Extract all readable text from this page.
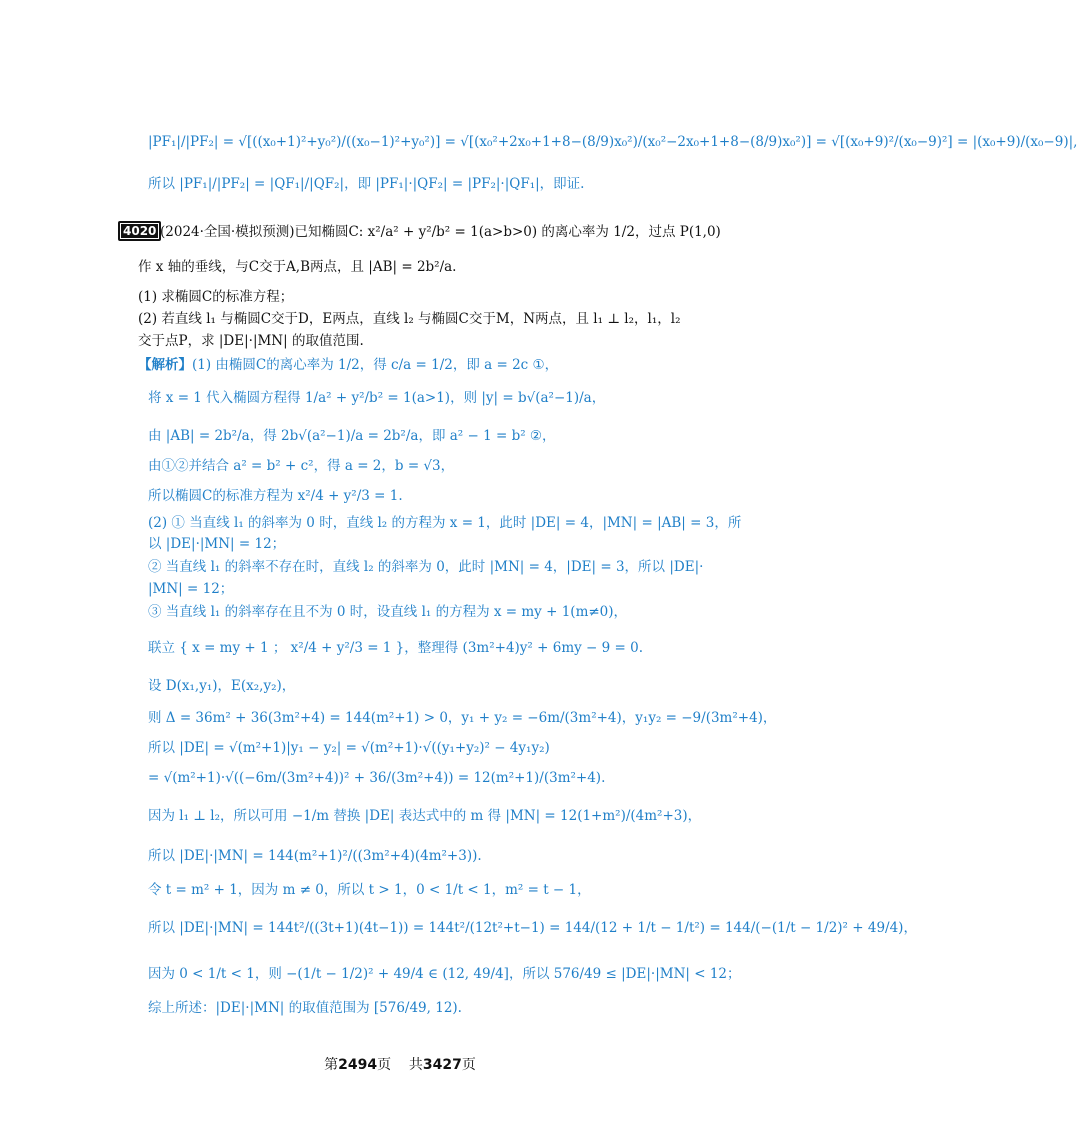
|PF₁|/|PF₂| = √[((x₀+1)²+y₀²)/((x₀−1)²+y₀²)] = √[(x₀²+2x₀+1+8−(8/9)x₀²)/(x₀²−2x₀+1+8−(8/9)x₀²)] = √[(x₀+9)²/(x₀−9)²] = |(x₀+9)/(x₀−9)|,
所以 |PF₁|/|PF₂| = |QF₁|/|QF₂|，即 |PF₁|·|QF₂| = |PF₂|·|QF₁|，即证.
4020 (2024·全国·模拟预测)已知椭圆C: x²/a² + y²/b² = 1(a>b>0) 的离心率为 1/2，过点 P(1,0)
作 x 轴的垂线，与C交于A,B两点，且 |AB| = 2b²/a.
(1) 求椭圆C的标准方程；
(2) 若直线 l₁ 与椭圆C交于D，E两点，直线 l₂ 与椭圆C交于M，N两点，且 l₁ ⊥ l₂，l₁，l₂
交于点P，求 |DE|·|MN| 的取值范围.
【解析】(1) 由椭圆C的离心率为 1/2，得 c/a = 1/2，即 a = 2c ①，
将 x = 1 代入椭圆方程得 1/a² + y²/b² = 1(a>1)，则 |y| = b√(a²−1)/a，
由 |AB| = 2b²/a，得 2b√(a²−1)/a = 2b²/a，即 a² − 1 = b² ②，
由①②并结合 a² = b² + c²，得 a = 2，b = √3，
所以椭圆C的标准方程为 x²/4 + y²/3 = 1.
(2) ① 当直线 l₁ 的斜率为 0 时，直线 l₂ 的方程为 x = 1，此时 |DE| = 4，|MN| = |AB| = 3，所
以 |DE|·|MN| = 12；
② 当直线 l₁ 的斜率不存在时，直线 l₂ 的斜率为 0，此时 |MN| = 4，|DE| = 3，所以 |DE|·
|MN| = 12；
③ 当直线 l₁ 的斜率存在且不为 0 时，设直线 l₁ 的方程为 x = my + 1(m≠0)，
联立 { x = my + 1 ； x²/4 + y²/3 = 1 }，整理得 (3m²+4)y² + 6my − 9 = 0.
设 D(x₁,y₁)，E(x₂,y₂)，
则 Δ = 36m² + 36(3m²+4) = 144(m²+1) > 0，y₁ + y₂ = −6m/(3m²+4)，y₁y₂ = −9/(3m²+4)，
所以 |DE| = √(m²+1)|y₁ − y₂| = √(m²+1)·√((y₁+y₂)² − 4y₁y₂)
= √(m²+1)·√((−6m/(3m²+4))² + 36/(3m²+4)) = 12(m²+1)/(3m²+4).
因为 l₁ ⊥ l₂，所以可用 −1/m 替换 |DE| 表达式中的 m 得 |MN| = 12(1+m²)/(4m²+3)，
所以 |DE|·|MN| = 144(m²+1)²/((3m²+4)(4m²+3)).
令 t = m² + 1，因为 m ≠ 0，所以 t > 1，0 < 1/t < 1，m² = t − 1，
所以 |DE|·|MN| = 144t²/((3t+1)(4t−1)) = 144t²/(12t²+t−1) = 144/(12 + 1/t − 1/t²) = 144/(−(1/t − 1/2)² + 49/4)，
因为 0 < 1/t < 1，则 −(1/t − 1/2)² + 49/4 ∈ (12, 49/4]，所以 576/49 ≤ |DE|·|MN| < 12；
综上所述：|DE|·|MN| 的取值范围为 [576/49, 12).
第2494页 共3427页
